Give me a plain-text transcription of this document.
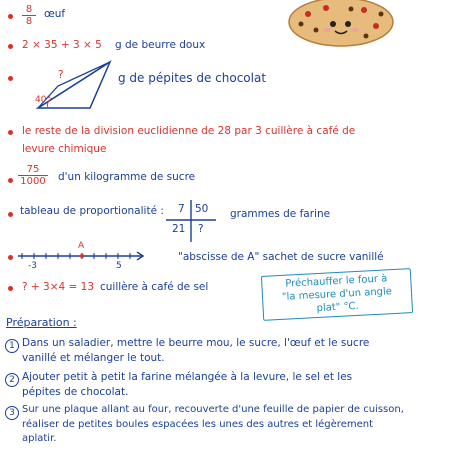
$\frac{8}{8}$ œuf
2 × 35 + 3 × 5 g de beurre doux
?
40°
g de pépites de chocolat
le reste de la division euclidienne de 28 par 3 cuillère à café de
levure chimique
$\frac{75}{1000} d'un$ kilogramme de sucre
tableau de proportionalité : 7 50
21 ?
grammes de farine
A
-3	5
"abscisse de A" sachet de sucre vanillé
? + 3×4 = 13 cuillère à café de sel	Préchauffer le four à
"la mesure d'un angle
plat" °C.
Préparation :
1 Dans un saladier, mettre le beurre mou, le sucre, l'œuf et le sucre
vanillé et mélanger le tout.
2 Ajouter petit à petit la farine mélangée à la levure, le sel et les
pépites de chocolat.
3 Sur une plaque allant au four, recouverte d'une feuille de papier de cuisson,
réaliser de petites boules espacées les unes des autres et légèrement
aplatir.
